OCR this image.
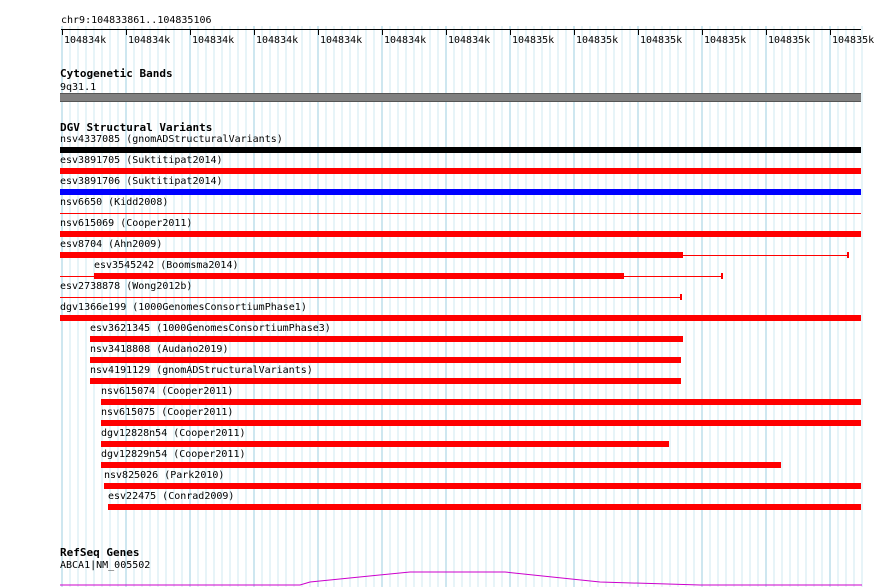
chr9:104833861..104835106
104834k 104834k 104834k 104834k 104834k 104834k 104834k 104835k 104835k 104835k 104835k 104835k 104835k
Cytogenetic Bands
9q31.1
DGV Structural Variants
nsv4337085 (gnomADStructuralVariants)
esv3891705 (Suktitipat2014)
esv3891706 (Suktitipat2014)
nsv6650 (Kidd2008)
nsv615069 (Cooper2011)
esv8704 (Ahn2009)
esv3545242 (Boomsma2014)
esv2738878 (Wong2012b)
dgv1366e199 (1000GenomesConsortiumPhase1)
esv3621345 (1000GenomesConsortiumPhase3)
nsv3418808 (Audano2019)
nsv4191129 (gnomADStructuralVariants)
nsv615074 (Cooper2011)
nsv615075 (Cooper2011)
dgv12828n54 (Cooper2011)
dgv12829n54 (Cooper2011)
nsv825026 (Park2010)
esv22475 (Conrad2009)
RefSeq Genes
ABCA1|NM_005502
